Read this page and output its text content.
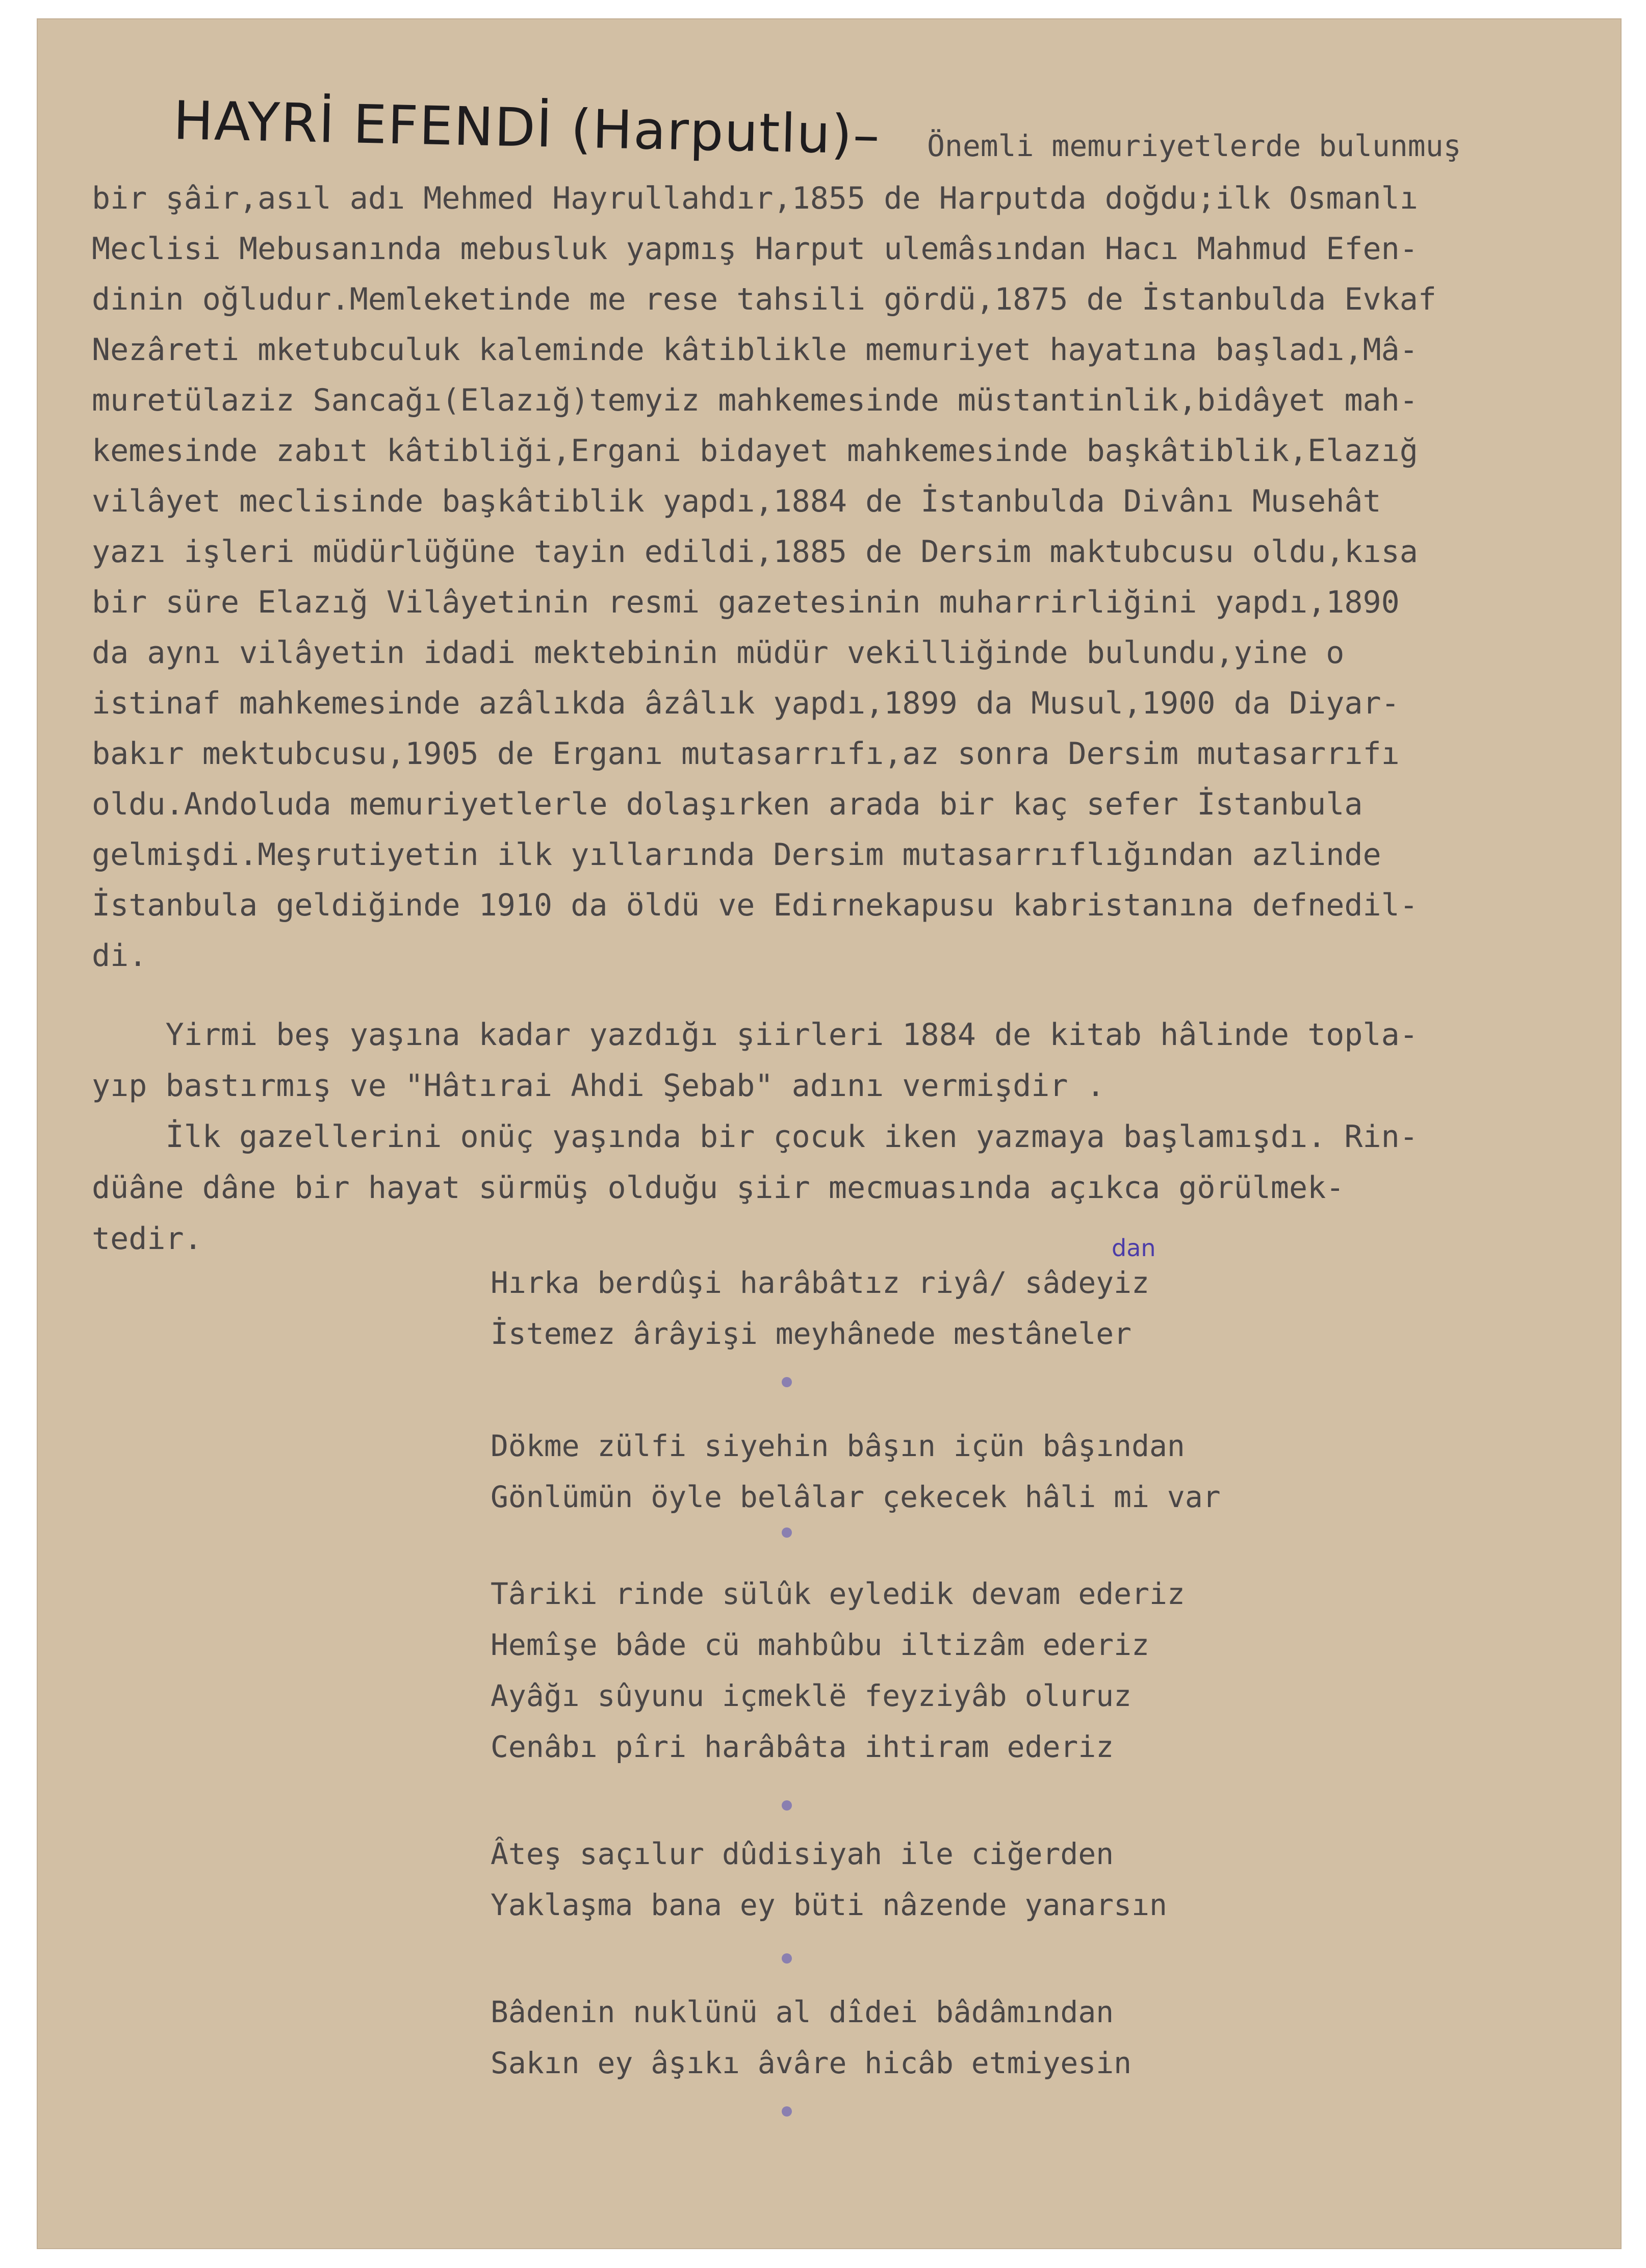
HAYRİ EFENDİ (Harputlu)– Önemli memuriyetlerde bulunmuş
bir şâir,asıl adı Mehmed Hayrullahdır,1855 de Harputda doğdu;ilk Osmanlı
Meclisi Mebusanında mebusluk yapmış Harput ulemâsından Hacı Mahmud Efen-
dinin oğludur.Memleketinde me rese tahsili gördü,1875 de İstanbulda Evkaf
Nezâreti mketubculuk kaleminde kâtiblikle memuriyet hayatına başladı,Mâ-
muretülaziz Sancağı(Elazığ)temyiz mahkemesinde müstantinlik,bidâyet mah-
kemesinde zabıt kâtibliği,Ergani bidayet mahkemesinde başkâtiblik,Elazığ
vilâyet meclisinde başkâtiblik yapdı,1884 de İstanbulda Divânı Musehât
yazı işleri müdürlüğüne tayin edildi,1885 de Dersim maktubcusu oldu,kısa
bir süre Elazığ Vilâyetinin resmi gazetesinin muharrirliğini yapdı,1890
da aynı vilâyetin idadi mektebinin müdür vekilliğinde bulundu,yine o
istinaf mahkemesinde azâlıkda âzâlık yapdı,1899 da Musul,1900 da Diyar-
bakır mektubcusu,1905 de Erganı mutasarrıfı,az sonra Dersim mutasarrıfı
oldu.Andoluda memuriyetlerle dolaşırken arada bir kaç sefer İstanbula
gelmişdi.Meşrutiyetin ilk yıllarında Dersim mutasarrıflığından azlinde
İstanbula geldiğinde 1910 da öldü ve Edirnekapusu kabristanına defnedil-
di.
Yirmi beş yaşına kadar yazdığı şiirleri 1884 de kitab hâlinde topla-
yıp bastırmış ve "Hâtırai Ahdi Şebab" adını vermişdir .
İlk gazellerini onüç yaşında bir çocuk iken yazmaya başlamışdı. Rin-
düâne dâne bir hayat sürmüş olduğu şiir mecmuasında açıkca görülmek-
tedir.	dan
Hırka berdûşi harâbâtız riyâ/ sâdeyiz
İstemez ârâyişi meyhânede mestâneler
Dökme zülfi siyehin bâşın içün bâşından
Gönlümün öyle belâlar çekecek hâli mi var
Târiki rinde sülûk eyledik devam ederiz
Hemîşe bâde cü mahbûbu iltizâm ederiz
Ayâğı sûyunu içmeklë feyziyâb oluruz
Cenâbı pîri harâbâta ihtiram ederiz
Âteş saçılur dûdisiyah ile ciğerden
Yaklaşma bana ey büti nâzende yanarsın
Bâdenin nuklünü al dîdei bâdâmından
Sakın ey âşıkı âvâre hicâb etmiyesin
